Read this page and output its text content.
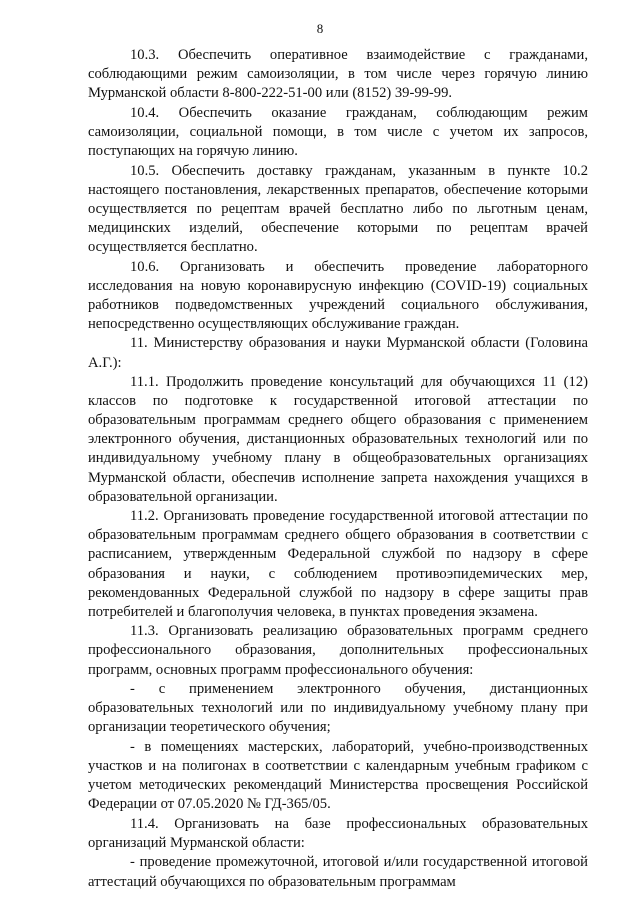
8

10.3. Обеспечить оперативное взаимодействие с гражданами, соблюдающими режим самоизоляции, в том числе через горячую линию Мурманской области 8-800-222-51-00 или (8152) 39-99-99.

10.4. Обеспечить оказание гражданам, соблюдающим режим самоизоляции, социальной помощи, в том числе с учетом их запросов, поступающих на горячую линию.

10.5. Обеспечить доставку гражданам, указанным в пункте 10.2 настоящего постановления, лекарственных препаратов, обеспечение которыми осуществляется по рецептам врачей бесплатно либо по льготным ценам, медицинских изделий, обеспечение которыми по рецептам врачей осуществляется бесплатно.

10.6. Организовать и обеспечить проведение лабораторного исследования на новую коронавирусную инфекцию (COVID-19) социальных работников подведомственных учреждений социального обслуживания, непосредственно осуществляющих обслуживание граждан.

11. Министерству образования и науки Мурманской области (Головина А.Г.):

11.1. Продолжить проведение консультаций для обучающихся 11 (12) классов по подготовке к государственной итоговой аттестации по образовательным программам среднего общего образования с применением электронного обучения, дистанционных образовательных технологий или по индивидуальному учебному плану в общеобразовательных организациях Мурманской области, обеспечив исполнение запрета нахождения учащихся в образовательной организации.

11.2. Организовать проведение государственной итоговой аттестации по образовательным программам среднего общего образования в соответствии с расписанием, утвержденным Федеральной службой по надзору в сфере образования и науки, с соблюдением противоэпидемических мер, рекомендованных Федеральной службой по надзору в сфере защиты прав потребителей и благополучия человека, в пунктах проведения экзамена.

11.3. Организовать реализацию образовательных программ среднего профессионального образования, дополнительных профессиональных программ, основных программ профессионального обучения:

- с применением электронного обучения, дистанционных образовательных технологий или по индивидуальному учебному плану при организации теоретического обучения;

- в помещениях мастерских, лабораторий, учебно-производственных участков и на полигонах в соответствии с календарным учебным графиком с учетом методических рекомендаций Министерства просвещения Российской Федерации от 07.05.2020 № ГД-365/05.

11.4. Организовать на базе профессиональных образовательных организаций Мурманской области:

- проведение промежуточной, итоговой и/или государственной итоговой аттестаций обучающихся по образовательным программам
